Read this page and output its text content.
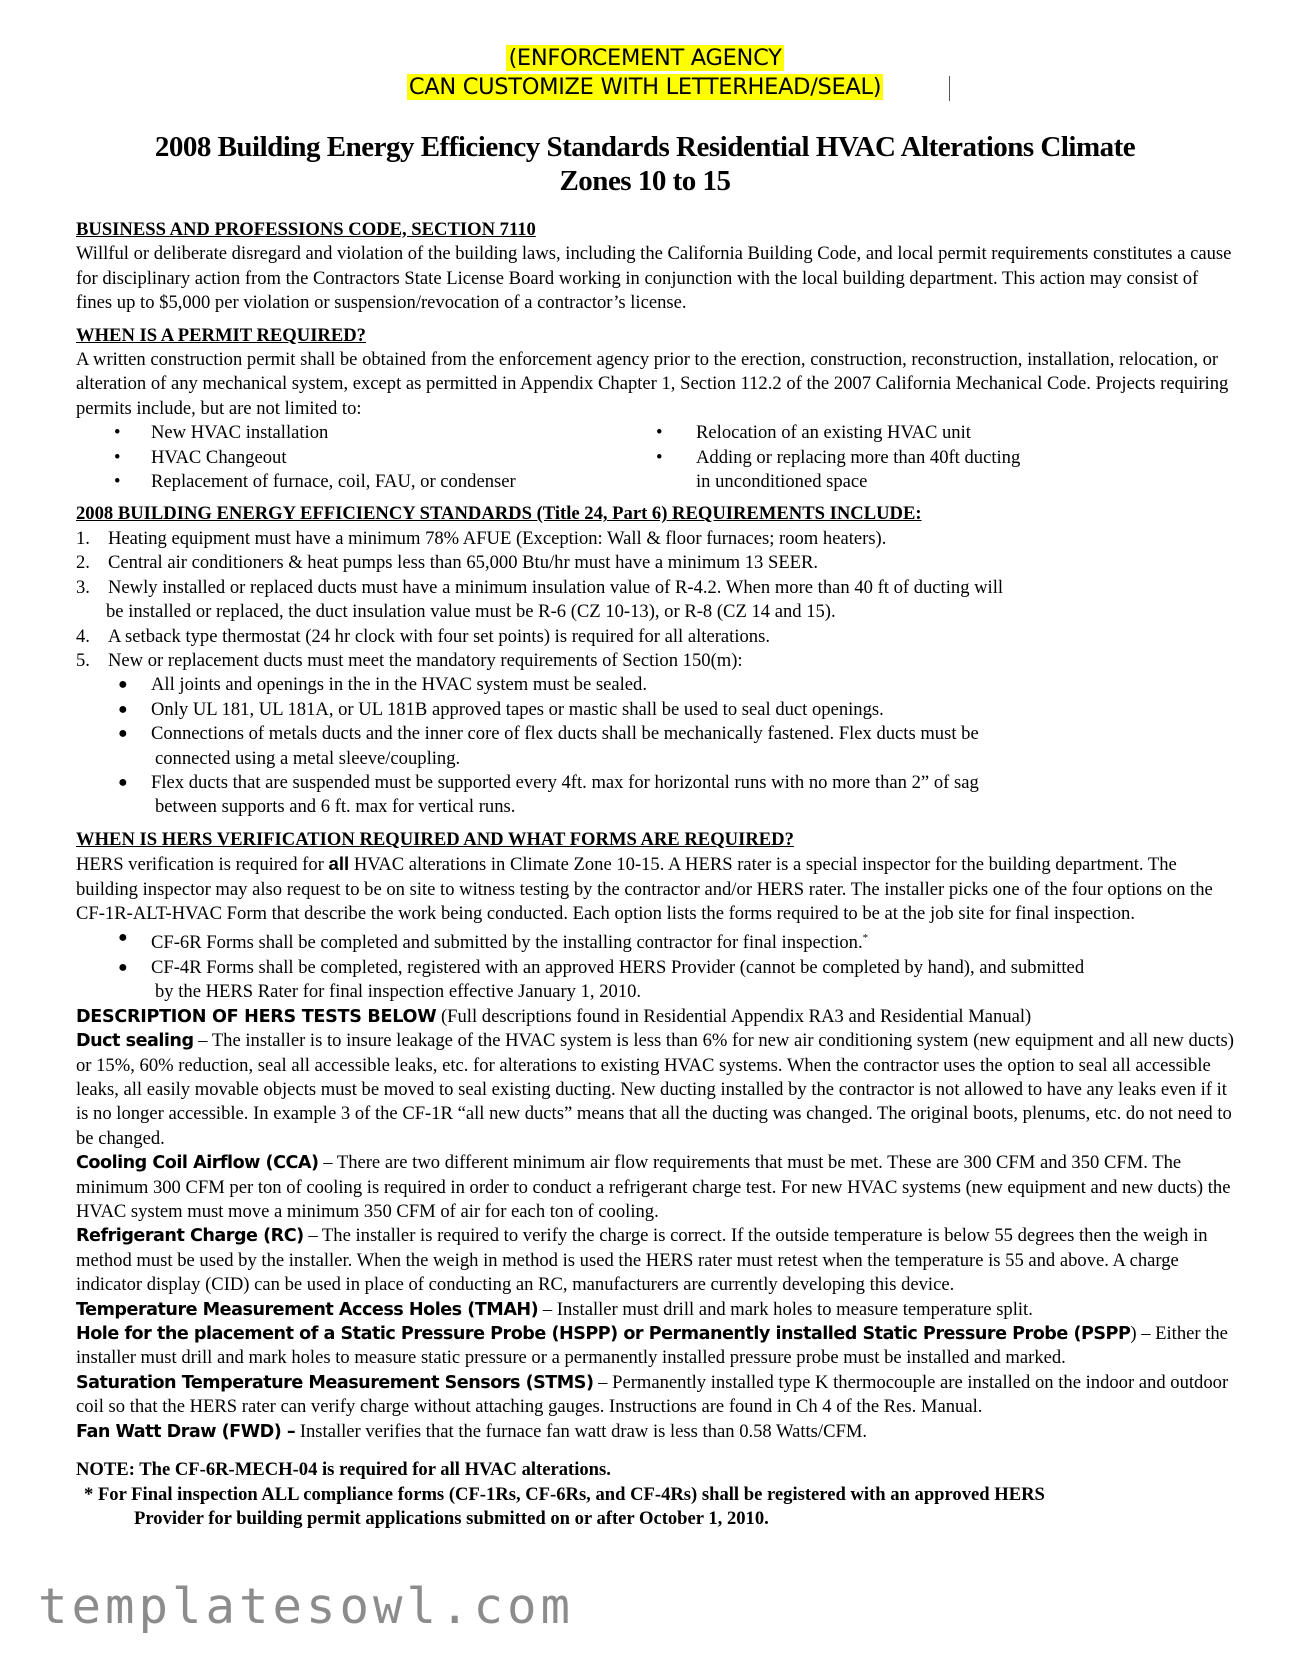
(ENFORCEMENT AGENCY
CAN CUSTOMIZE WITH LETTERHEAD/SEAL)
2008 Building Energy Efficiency Standards Residential HVAC Alterations Climate
Zones 10 to 15
BUSINESS AND PROFESSIONS CODE, SECTION 7110

Willful or deliberate disregard and violation of the building laws, including the California Building Code, and local permit requirements constitutes a cause for disciplinary action from the Contractors State License Board working in conjunction with the local building department. This action may consist of fines up to $5,000 per violation or suspension/revocation of a contractor’s license.

WHEN IS A PERMIT REQUIRED?

A written construction permit shall be obtained from the enforcement agency prior to the erection, construction, reconstruction, installation, relocation, or alteration of any mechanical system, except as permitted in Appendix Chapter 1, Section 112.2 of the 2007 California Mechanical Code. Projects requiring permits include, but are not limited to:

• New HVAC installation
• HVAC Changeout
• Replacement of furnace, coil, FAU, or condenser
• Relocation of an existing HVAC unit
• Adding or replacing more than 40ft ducting
in unconditioned space
2008 BUILDING ENERGY EFFICIENCY STANDARDS (Title 24, Part 6) REQUIREMENTS INCLUDE:
1. Heating equipment must have a minimum 78% AFUE (Exception: Wall & floor furnaces; room heaters).
2. Central air conditioners & heat pumps less than 65,000 Btu/hr must have a minimum 13 SEER.
3. Newly installed or replaced ducts must have a minimum insulation value of R-4.2. When more than 40 ft of ducting will
be installed or replaced, the duct insulation value must be R-6 (CZ 10-13), or R-8 (CZ 14 and 15).
4. A setback type thermostat (24 hr clock with four set points) is required for all alterations.
5. New or replacement ducts must meet the mandatory requirements of Section 150(m):
● All joints and openings in the in the HVAC system must be sealed.
● Only UL 181, UL 181A, or UL 181B approved tapes or mastic shall be used to seal duct openings.
● Connections of metals ducts and the inner core of flex ducts shall be mechanically fastened. Flex ducts must be
connected using a metal sleeve/coupling.
● Flex ducts that are suspended must be supported every 4ft. max for horizontal runs with no more than 2” of sag
between supports and 6 ft. max for vertical runs.
WHEN IS HERS VERIFICATION REQUIRED AND WHAT FORMS ARE REQUIRED?

HERS verification is required for all HVAC alterations in Climate Zone 10-15. A HERS rater is a special inspector for the building department. The building inspector may also request to be on site to witness testing by the contractor and/or HERS rater. The installer picks one of the four options on the CF-1R-ALT-HVAC Form that describe the work being conducted. Each option lists the forms required to be at the job site for final inspection.

● CF-6R Forms shall be completed and submitted by the installing contractor for final inspection.*
● CF-4R Forms shall be completed, registered with an approved HERS Provider (cannot be completed by hand), and submitted
by the HERS Rater for final inspection effective January 1, 2010.

DESCRIPTION OF HERS TESTS BELOW (Full descriptions found in Residential Appendix RA3 and Residential Manual)

Duct sealing – The installer is to insure leakage of the HVAC system is less than 6% for new air conditioning system (new equipment and all new ducts) or 15%, 60% reduction, seal all accessible leaks, etc. for alterations to existing HVAC systems. When the contractor uses the option to seal all accessible leaks, all easily movable objects must be moved to seal existing ducting. New ducting installed by the contractor is not allowed to have any leaks even if it is no longer accessible. In example 3 of the CF-1R “all new ducts” means that all the ducting was changed. The original boots, plenums, etc. do not need to be changed.

Cooling Coil Airflow (CCA) – There are two different minimum air flow requirements that must be met. These are 300 CFM and 350 CFM. The minimum 300 CFM per ton of cooling is required in order to conduct a refrigerant charge test. For new HVAC systems (new equipment and new ducts) the HVAC system must move a minimum 350 CFM of air for each ton of cooling.

Refrigerant Charge (RC) – The installer is required to verify the charge is correct. If the outside temperature is below 55 degrees then the weigh in method must be used by the installer. When the weigh in method is used the HERS rater must retest when the temperature is 55 and above. A charge indicator display (CID) can be used in place of conducting an RC, manufacturers are currently developing this device.

Temperature Measurement Access Holes (TMAH) – Installer must drill and mark holes to measure temperature split.

Hole for the placement of a Static Pressure Probe (HSPP) or Permanently installed Static Pressure Probe (PSPP) – Either the installer must drill and mark holes to measure static pressure or a permanently installed pressure probe must be installed and marked.

Saturation Temperature Measurement Sensors (STMS) – Permanently installed type K thermocouple are installed on the indoor and outdoor coil so that the HERS rater can verify charge without attaching gauges. Instructions are found in Ch 4 of the Res. Manual.

Fan Watt Draw (FWD) – Installer verifies that the furnace fan watt draw is less than 0.58 Watts/CFM.

NOTE: The CF-6R-MECH-04 is required for all HVAC alterations.
* For Final inspection ALL compliance forms (CF-1Rs, CF-6Rs, and CF-4Rs) shall be registered with an approved HERS
Provider for building permit applications submitted on or after October 1, 2010.
templatesowl.com
